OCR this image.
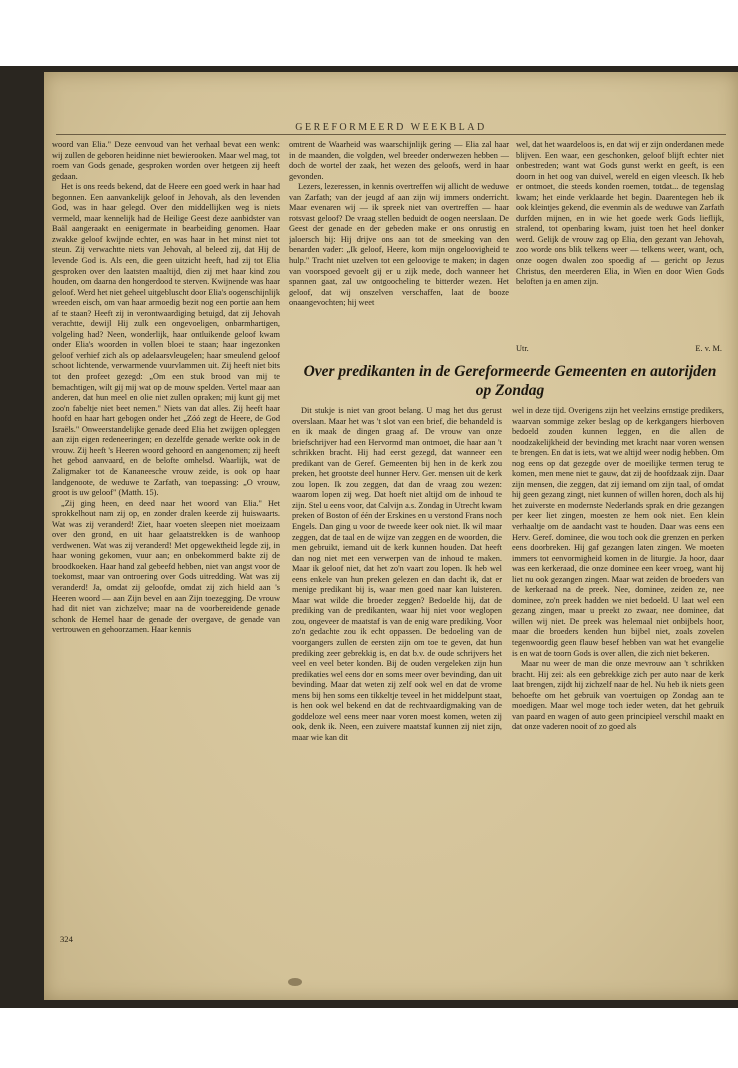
GEREFORMEERD WEEKBLAD

woord van Elia." Deze eenvoud van het verhaal bevat een wenk: wij zullen de geboren heidinne niet bewierooken. Maar wel mag, tot roem van Gods genade, gesproken worden over hetgeen zij heeft gedaan.

Het is ons reeds bekend, dat de Heere een goed werk in haar had begonnen. Een aanvankelijk geloof in Jehovah, als den levenden God, was in haar gelegd. Over den middellijken weg is niets vermeld, maar kennelijk had de Heilige Geest deze aanbidster van Baäl aangeraakt en eenigermate in bearbeiding genomen. Haar zwakke geloof kwijnde echter, en was haar in het minst niet tot steun. Zij verwachtte niets van Jehovah, al beleed zij, dat Hij de levende God is. Als een, die geen uitzicht heeft, had zij tot Elia gesproken over den laatsten maaltijd, dien zij met haar kind zou houden, om daarna den hongerdood te sterven. Kwijnende was haar geloof. Werd het niet geheel uitgebluscht door Elia's oogenschijnlijk wreeden eisch, om van haar armoedig bezit nog een portie aan hem af te staan? Heeft zij in verontwaardiging betuigd, dat zij Jehovah verachtte, dewijl Hij zulk een ongevoeligen, onbarmhartigen, volgeling had? Neen, wonderlijk, haar ontluikende geloof kwam onder Elia's woorden in vollen bloei te staan; haar ingezonken geloof verhief zich als op adelaarsvleugelen; haar smeulend geloof schoot lichtende, verwarmende vuurvlammen uit. Zij heeft niet bits tot den profeet gezegd: „Om een stuk brood van mij te bemachtigen, wilt gij mij wat op de mouw spelden. Vertel maar aan anderen, dat hun meel en olie niet zullen opraken; mij kunt gij met zoo'n fabeltje niet beet nemen." Niets van dat alles. Zij heeft haar hoofd en haar hart gebogen onder het „Zóó zegt de Heere, de God Israëls." Onweerstandelijke genade deed Elia het zwijgen opleggen aan zijn eigen redeneeringen; en dezelfde genade werkte ook in de vrouw. Zij heeft 's Heeren woord gehoord en aangenomen; zij heeft het gebod aanvaard, en de belofte omhelsd. Waarlijk, wat de Zaligmaker tot de Kananeesche vrouw zeide, is ook op haar landgenoote, de weduwe te Zarfath, van toepassing: „O vrouw, groot is uw geloof" (Matth. 15).

„Zij ging heen, en deed naar het woord van Elia." Het sprokkelhout nam zij op, en zonder dralen keerde zij huiswaarts. Wat was zij veranderd! Ziet, haar voeten sleepen niet moeizaam over den grond, en uit haar gelaatstrekken is de wanhoop verdwenen. Wat was zij veranderd! Met opgewektheid legde zij, in haar woning gekomen, vuur aan; en onbekommerd bakte zij de broodkoeken. Haar hand zal gebeefd hebben, niet van angst voor de toekomst, maar van ontroering over Gods uitredding. Wat was zij veranderd! Ja, omdat zij geloofde, omdat zij zich hield aan 's Heeren woord — aan Zijn bevel en aan Zijn toezegging. De vrouw had dit niet van zichzelve; maar na de voorbereidende genade schonk de Hemel haar de genade der overgave, de genade van vertrouwen en gehoorzamen. Haar kennis

omtrent de Waarheid was waarschijnlijk gering — Elia zal haar in de maanden, die volgden, wel breeder onderwezen hebben — doch de wortel der zaak, het wezen des geloofs, werd in haar gevonden.

Lezers, lezeressen, in kennis overtreffen wij allicht de weduwe van Zarfath; van der jeugd af aan zijn wij immers onderricht. Maar evenaren wij — ik spreek niet van overtreffen — haar rotsvast geloof? De vraag stellen beduidt de oogen neerslaan. De Geest der genade en der gebeden make er ons onrustig en jaloersch bij: Hij drijve ons aan tot de smeeking van den benarden vader: „Ik geloof, Heere, kom mijn ongeloovigheid te hulp." Tracht niet uzelven tot een geloovige te maken; in dagen van voorspoed gevoelt gij er u zijk mede, doch wanneer het spannen gaat, zal uw ontgoocheling te bitterder wezen. Het geloof, dat wij onszelven verschaffen, laat de booze onaangevochten; hij weet

wel, dat het waardeloos is, en dat wij er zijn onderdanen mede blijven. Een waar, een geschonken, geloof blijft echter niet onbestreden; want wat Gods gunst werkt en geeft, is een doorn in het oog van duivel, wereld en eigen vleesch. Ik heb er ontmoet, die steeds konden roemen, totdat... de tegenslag kwam; het einde verklaarde het begin. Daarentegen heb ik ook kleintjes gekend, die evenmin als de weduwe van Zarfath durfden mijnen, en in wie het goede werk Gods lieflijk, stralend, tot openbaring kwam, juist toen het heel donker werd. Gelijk de vrouw zag op Elia, den gezant van Jehovah, zoo worde ons blik telkens weer — telkens weer, want, och, onze oogen dwalen zoo spoedig af — gericht op Jezus Christus, den meerderen Elia, in Wien en door Wien Gods beloften ja en amen zijn.

Utr.	E. v. M.
Over predikanten in de Gereformeerde Gemeenten en autorijden op Zondag

Dit stukje is niet van groot belang. U mag het dus gerust overslaan. Maar het was 't slot van een brief, die behandeld is en ik maak de dingen graag af. De vrouw van onze briefschrijver had een Hervormd man ontmoet, die haar aan 't schrikken bracht. Hij had eerst gezegd, dat wanneer een predikant van de Geref. Gemeenten bij hen in de kerk zou preken, het grootste deel hunner Herv. Ger. mensen uit de kerk zou lopen. Ik zou zeggen, dat dan de vraag zou wezen: waarom lopen zij weg. Dat hoeft niet altijd om de inhoud te zijn. Stel u eens voor, dat Calvijn a.s. Zondag in Utrecht kwam preken of Boston of één der Erskines en u verstond Frans noch Engels. Dan ging u voor de tweede keer ook niet. Ik wil maar zeggen, dat de taal en de wijze van zeggen en de woorden, die men gebruikt, iemand uit de kerk kunnen houden. Dat heeft dan nog niet met een verwerpen van de inhoud te maken. Maar ik geloof niet, dat het zo'n vaart zou lopen. Ik heb wel eens enkele van hun preken gelezen en dan dacht ik, dat er menige predikant bij is, waar men goed naar kan luisteren. Maar wat wilde die broeder zeggen? Bedoelde hij, dat de prediking van de predikanten, waar hij niet voor weglopen zou, ongeveer de maatstaf is van de enig ware prediking. Voor zo'n gedachte zou ik echt oppassen. De bedoeling van de voorgangers zullen de eersten zijn om toe te geven, dat hun prediking zeer gebrekkig is, en dat b.v. de oude schrijvers het veel en veel beter konden. Bij de ouden vergeleken zijn hun predikaties wel eens dor en soms meer over bevinding, dan uit bevinding. Maar dat weten zij zelf ook wel en dat de vrome mens bij hen soms een tikkeltje teveel in het middelpunt staat, is hen ook wel bekend en dat de rechtvaardigmaking van de goddeloze wel eens meer naar voren moest komen, weten zij ook, denk ik. Neen, een zuivere maatstaf kunnen zij niet zijn, maar wie kan dit

wel in deze tijd. Overigens zijn het veelzins ernstige predikers, waarvan sommige zeker beslag op de kerkgangers hierboven bedoeld zouden kunnen leggen, en die allen de noodzakelijkheid der bevinding met kracht naar voren wensen te brengen. En dat is iets, wat we altijd weer nodig hebben. Om nog eens op dat gezegde over de moeilijke termen terug te komen, men mene niet te gauw, dat zij de hoofdzaak zijn. Daar zijn mensen, die zeggen, dat zij iemand om zijn taal, of omdat hij geen gezang zingt, niet kunnen of willen horen, doch als hij het zuiverste en modernste Nederlands sprak en drie gezangen per keer liet zingen, moesten ze hem ook niet. Een klein verhaaltje om de aandacht vast te houden. Daar was eens een Herv. Geref. dominee, die wou toch ook die grenzen en perken eens doorbreken. Hij gaf gezangen laten zingen. We moeten immers tot eenvormigheid komen in de liturgie. Ja hoor, daar was een kerkeraad, die onze dominee een keer vroeg, want hij liet nu ook gezangen zingen. Maar wat zeiden de broeders van de kerkeraad na de preek. Nee, dominee, zeiden ze, nee dominee, zo'n preek hadden we niet bedoeld. U laat wel een gezang zingen, maar u preekt zo zwaar, nee dominee, dat willen wij niet. De preek was helemaal niet onbijbels hoor, maar die broeders kenden hun bijbel niet, zoals zovelen tegenwoordig geen flauw besef hebben van wat het evangelie is en wat de toorn Gods is over allen, die zich niet bekeren.

Maar nu weer de man die onze mevrouw aan 't schrikken bracht. Hij zei: als een gebrekkige zich per auto naar de kerk laat brengen, zijdt hij zichzelf naar de hel. Nu heb ik niets geen behoefte om het gebruik van voertuigen op Zondag aan te moedigen. Maar wel moge toch ieder weten, dat het gebruik van paard en wagen of auto geen principieel verschil maakt en dat onze vaderen nooit of zo goed als

324
